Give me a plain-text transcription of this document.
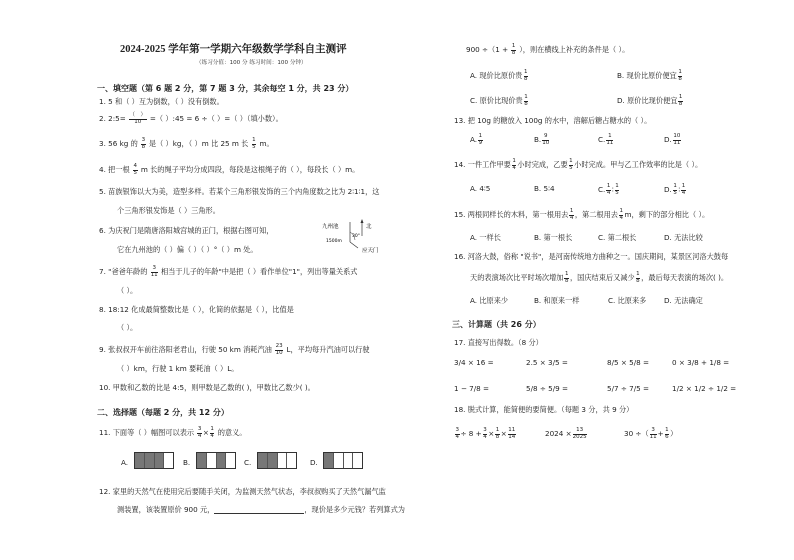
2024-2025 学年第一学期六年级数学学科自主测评
（练习分值：100 分 练习时间：100 分钟）
一、填空题（第 6 题 2 分，第 7 题 3 分，其余每空 1 分，共 23 分）
1. 5 和（ ）互为倒数，（ ）没有倒数。
2. 2:5= $\frac{( )}{10}$ =（ ）:45 = 6 ÷（ ）=（ ）（填小数）。
3. 56 kg 的 $\frac{3}{8}$ 是（ ）kg，（ ）m 比 25 m 长 $\frac{1}{5}$ m。
4. 把一根 $\frac{4}{5}$ m 长的绳子平均分成四段，每段是这根绳子的（ ），每段长（ ）m。
5. 苗族银饰以大为美，造型多样。若某个三角形银发饰的三个内角度数之比为 2∶1∶1，这
个三角形银发饰是（ ）三角形。
6. 为庆祝门是隋唐洛阳城宫城的正门，根据右图可知，
它在九州池的（ ）偏（ ）（ ）°（ ）m 处。
九州池	北
30°
1500m
应天门
7. "爸爸年龄的 $\frac{3}{11}$ 相当于儿子的年龄"中是把（ ）看作单位"1"，列出等量关系式
（ ）。
8. 18:12 化成最简整数比是（ ），化简的依据是（ ），比值是
（ ）。
9. 张叔叔开车前往洛阳老君山，行驶 50 km 消耗汽油 $\frac{23}{10}$ L，平均每升汽油可以行驶
（ ）km，行驶 1 km 要耗油（ ）L。
10. 甲数和乙数的比是 4:5，则甲数是乙数的( )，甲数比乙数少( )。
二、选择题（每题 2 分，共 12 分）
11. 下面等（ ）幅图可以表示 $\frac{3}{4} \times \frac{1}{4}$ 的意义。
A.	B.	C.	D.
12. 家里的天然气在使用完后要随手关闭，为监测天然气状态，李叔叔购买了天然气漏气监
测装置，该装置原价 900 元，	，现价是多少元钱？若列算式为
$900 \div(1 + \frac{1}{8}$ ），则在横线上补充的条件是（ ）。
A. 现价比原价贵 $\frac{1}{8}$	B. 现价比原价便宜 $\frac{1}{8}$
C. 原价比现价贵 $\frac{1}{8}$	D. 原价比现价便宜 $\frac{1}{8}$
13. 把 10g 的糖放入 100g 的水中，溶解后糖占糖水的（ ）。
A. $\frac{1}{9}$	B. $\frac{9}{10}$	C. $\frac{1}{11}$	D. $\frac{10}{11}$
14. 一件工作甲要 $\frac{1}{4}$ 小时完成，乙要 $\frac{1}{5}$ 小时完成。甲与乙工作效率的比是（ ）。
A. 4∶5	B. 5∶4	C. $\frac{1}{4}$ ∶ $\frac{1}{5}$	D. $\frac{1}{5}$ ∶ $\frac{1}{4}$
15. 两根同样长的木料，第一根用去 $\frac{1}{4}$ ，第二根用去 $\frac{1}{4}$ m，剩下的部分相比（ ）。
A. 一样长	B. 第一根长	C. 第二根长	D. 无法比较
16. 河洛大鼓，俗称 "说书"，是河南传统地方曲种之一。国庆期间，某景区河洛大鼓每
天的表演场次比平时场次增加 $\frac{1}{8}$ ，国庆结束后又减少 $\frac{1}{8}$ ，最后每天表演的场次( )。
A. 比原来少	B. 和原来一样	C. 比原来多 D. 无法确定
三、计算题（共 26 分）
17. 直接写出得数。（8 分）
3/4 × 16 =	2.5 × 3/5 =	8/5 × 5/8 =	0 × 3/8 + 1/8 =
1 − 7/8 =	5/8 ÷ 5/9 =	5/7 ÷ 7/5 =	1/2 × 1/2 ÷ 1/2 =
18. 脱式计算，能简便的要简便。（每题 3 分，共 9 分）
$\frac{3}{4} \div 8 + \frac{3}{4} \times \frac{1}{8} \times \frac{11}{14}$	$2024 \times \frac{13}{2025}$	30 ÷（ $\frac{3}{11} + \frac{1}{6}$ ）
